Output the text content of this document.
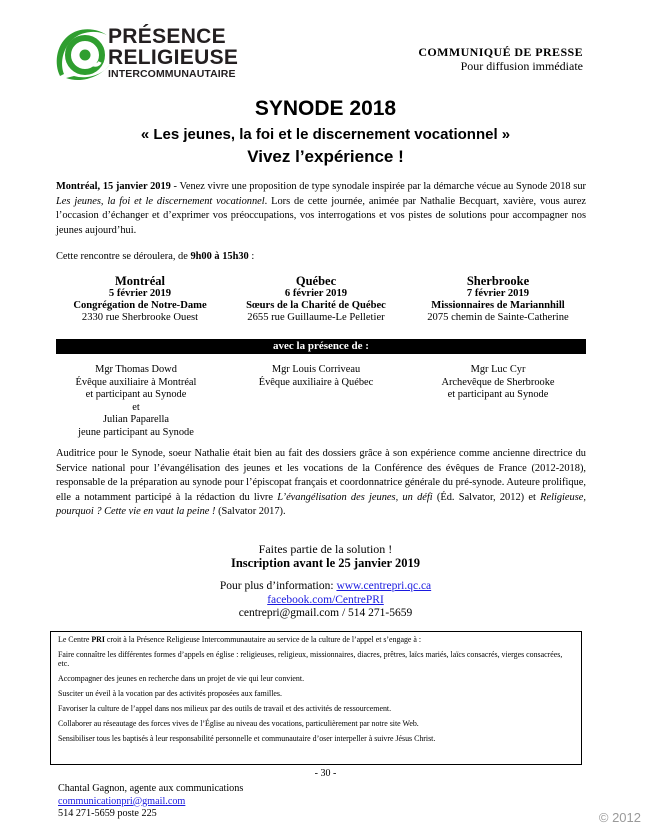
PRÉSENCE
RELIGIEUSE
INTERCOMMUNAUTAIRE
COMMUNIQUÉ DE PRESSE
Pour diffusion immédiate
SYNODE 2018
« Les jeunes, la foi et le discernement vocationnel »
Vivez l’expérience !
Montréal, 15 janvier 2019 - Venez vivre une proposition de type synodale inspirée par la démarche vécue au Synode 2018 sur Les jeunes, la foi et le discernement vocationnel. Lors de cette journée, animée par Nathalie Becquart, xavière, vous aurez l’occasion d’échanger et d’exprimer vos préoccupations, vos interrogations et vos pistes de solutions pour accompagner nos jeunes aujourd’hui.
Cette rencontre se déroulera, de 9h00 à 15h30 :
Montréal
5 février 2019
Congrégation de Notre-Dame
2330 rue Sherbrooke Ouest
Québec
6 février 2019
Sœurs de la Charité de Québec
2655 rue Guillaume-Le Pelletier
Sherbrooke
7 février 2019
Missionnaires de Mariannhill
2075 chemin de Sainte-Catherine
avec la présence de :
Mgr Thomas Dowd
Évêque auxiliaire à Montréal
et participant au Synode
et
Julian Paparella
jeune participant au Synode
Mgr Louis Corriveau
Évêque auxiliaire à Québec
Mgr Luc Cyr
Archevêque de Sherbrooke
et participant au Synode
Auditrice pour le Synode, soeur Nathalie était bien au fait des dossiers grâce à son expérience comme ancienne directrice du Service national pour l’évangélisation des jeunes et les vocations de la Conférence des évêques de France (2012-2018), responsable de la préparation au synode pour l’épiscopat français et coordonnatrice générale du pré-synode. Auteure prolifique, elle a notamment participé à la rédaction du livre L’évangélisation des jeunes, un défi (Éd. Salvator, 2012) et Religieuse, pourquoi ? Cette vie en vaut la peine ! (Salvator 2017).
Faites partie de la solution !
Inscription avant le 25 janvier 2019
Pour plus d’information: www.centrepri.qc.ca
facebook.com/CentrePRI
centrepri@gmail.com / 514 271-5659

Le Centre PRI croit à la Présence Religieuse Intercommunautaire au service de la culture de l’appel et s’engage à :

Faire connaître les différentes formes d’appels en église : religieuses, religieux, missionnaires, diacres, prêtres, laïcs mariés, laïcs consacrés, vierges consacrées, etc.

Accompagner des jeunes en recherche dans un projet de vie qui leur convient.

Susciter un éveil à la vocation par des activités proposées aux familles.

Favoriser la culture de l’appel dans nos milieux par des outils de travail et des activités de ressourcement.

Collaborer au réseautage des forces vives de l’Église au niveau des vocations, particulièrement par notre site Web.

Sensibiliser tous les baptisés à leur responsabilité personnelle et communautaire d’oser interpeller à suivre Jésus Christ.

- 30 -
Chantal Gagnon, agente aux communications
communicationpri@gmail.com
514 271-5659 poste 225	© 2012
